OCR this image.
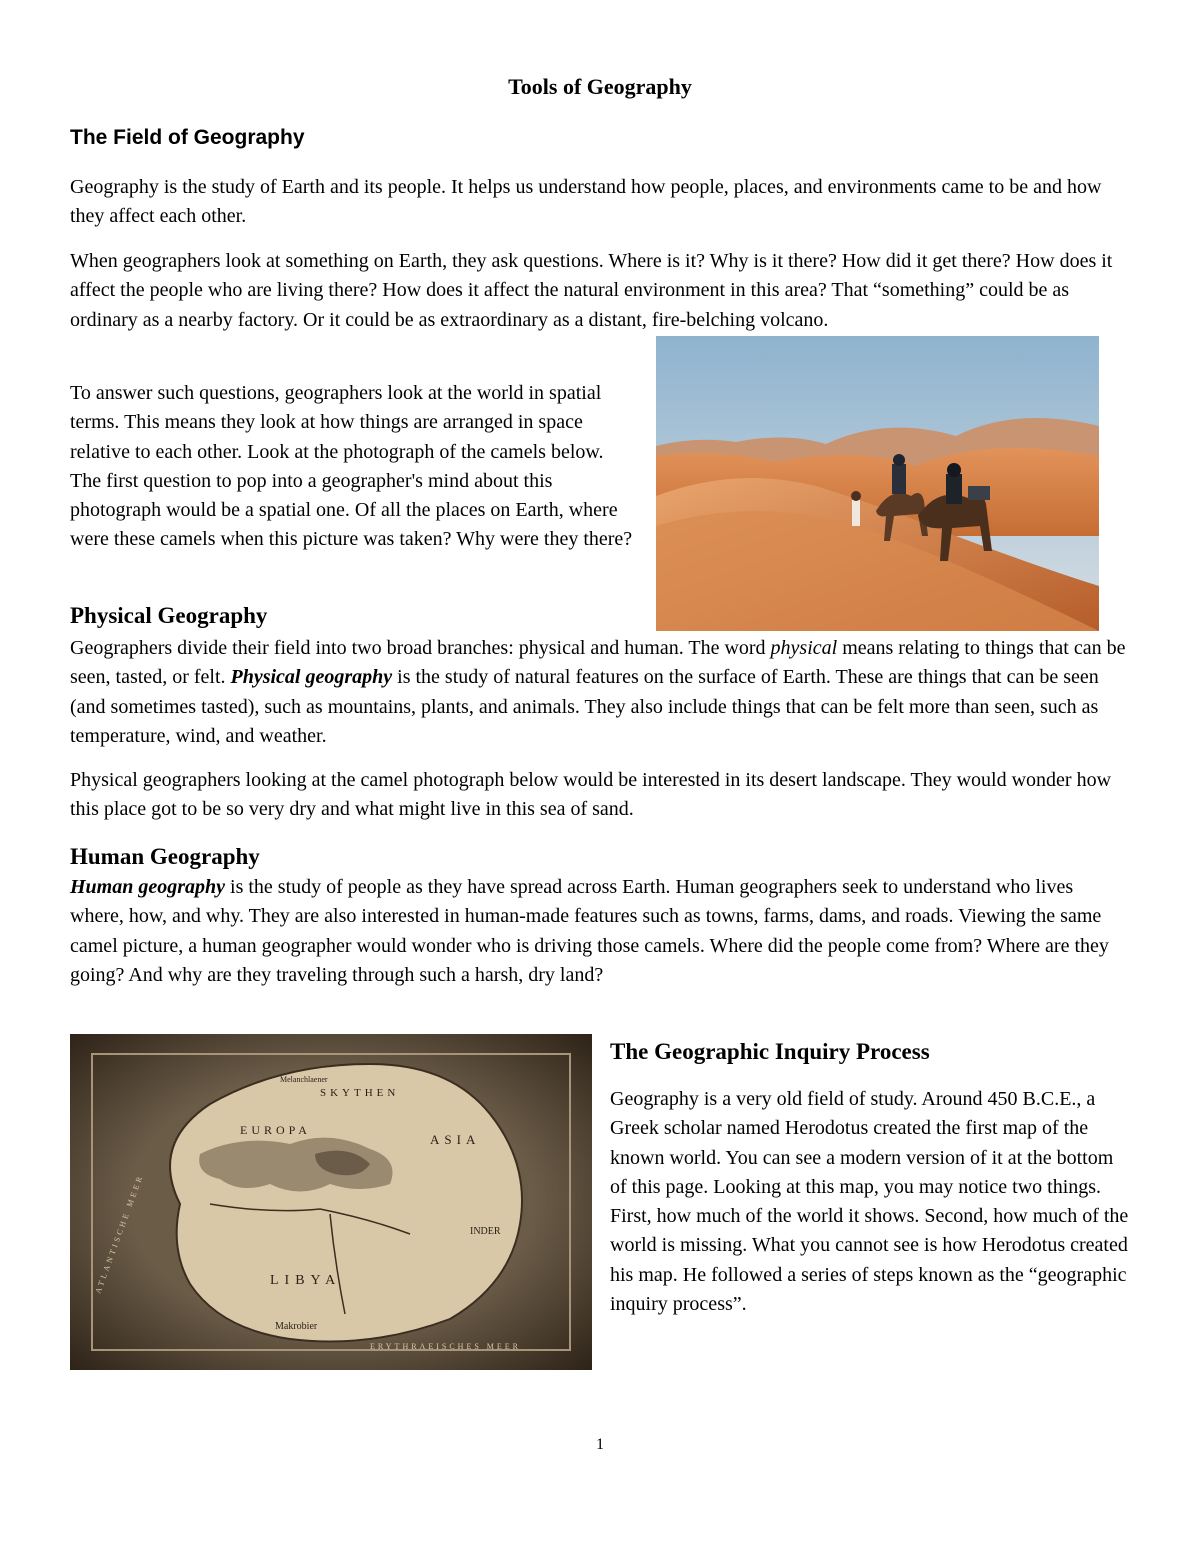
Tools of Geography
The Field of Geography

Geography is the study of Earth and its people. It helps us understand how people, places, and environments came to be and how they affect each other.

When geographers look at something on Earth, they ask questions. Where is it? Why is it there? How did it get there? How does it affect the people who are living there? How does it affect the natural environment in this area? That “something” could be as ordinary as a nearby factory. Or it could be as extraordinary as a distant, fire-belching volcano.

To answer such questions, geographers look at the world in spatial terms. This means they look at how things are arranged in space relative to each other. Look at the photograph of the camels below. The first question to pop into a geographer's mind about this photograph would be a spatial one. Of all the places on Earth, where were these camels when this picture was taken? Why were they there?

Physical Geography

Geographers divide their field into two broad branches: physical and human. The word physical means relating to things that can be seen, tasted, or felt. Physical geography is the study of natural features on the surface of Earth. These are things that can be seen (and sometimes tasted), such as mountains, plants, and animals. They also include things that can be felt more than seen, such as temperature, wind, and weather.

Physical geographers looking at the camel photograph below would be interested in its desert landscape. They would wonder how this place got to be so very dry and what might live in this sea of sand.

Human Geography

Human geography is the study of people as they have spread across Earth. Human geographers seek to understand who lives where, how, and why. They are also interested in human-made features such as towns, farms, dams, and roads. Viewing the same camel picture, a human geographer would wonder who is driving those camels. Where did the people come from? Where are they going? And why are they traveling through such a harsh, dry land?

LIBYA
EUROPA
ASIA
INDER
Makrobier
ATLANTISCHE MEER
ERYTHRAEISCHES MEER
SKYTHEN
Melanchlaener
The Geographic Inquiry Process

Geography is a very old field of study. Around 450 B.C.E., a Greek scholar named Herodotus created the first map of the known world. You can see a modern version of it at the bottom of this page. Looking at this map, you may notice two things. First, how much of the world it shows. Second, how much of the world is missing. What you cannot see is how Herodotus created his map. He followed a series of steps known as the “geographic inquiry process”.

1
